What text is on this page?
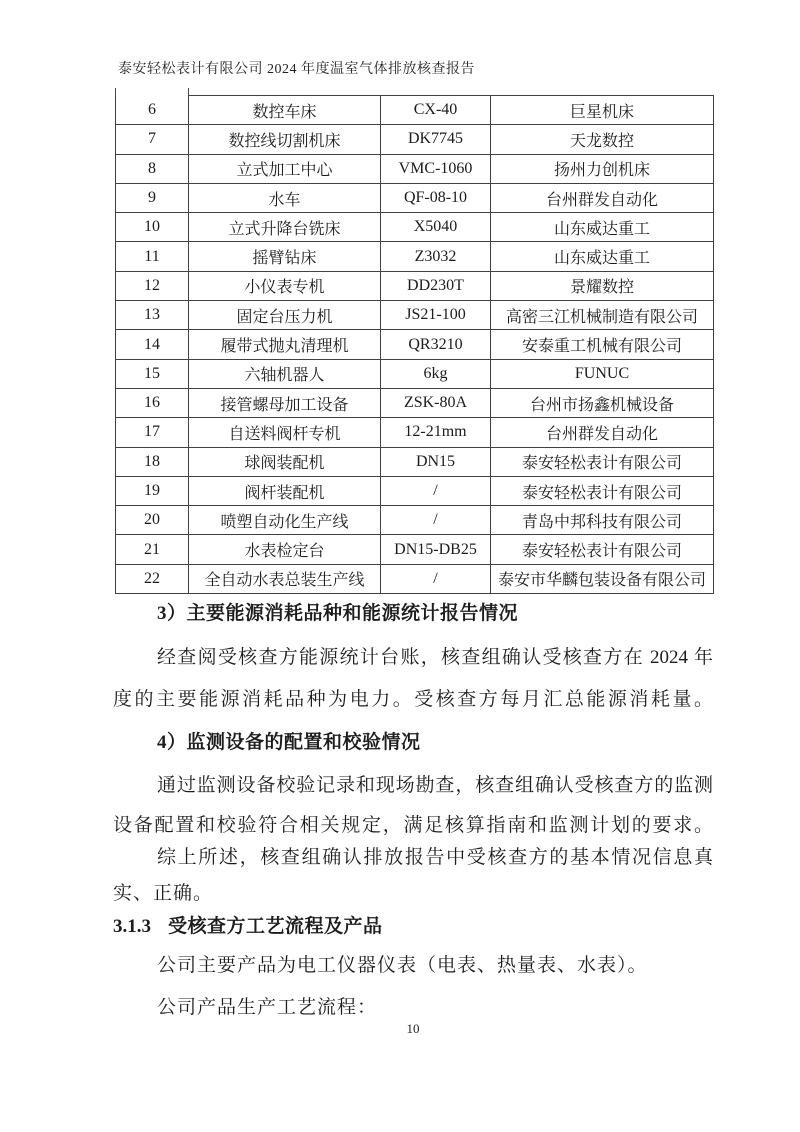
泰安轻松表计有限公司 2024 年度温室气体排放核查报告
6	数控车床	CX-40	巨星机床
7	数控线切割机床	DK7745	天龙数控
8	立式加工中心	VMC-1060	扬州力创机床
9	水车	QF-08-10	台州群发自动化
10	立式升降台铣床	X5040	山东威达重工
11	摇臂钻床	Z3032	山东威达重工
12	小仪表专机	DD230T	景耀数控
13	固定台压力机	JS21-100	高密三江机械制造有限公司
14	履带式抛丸清理机	QR3210	安泰重工机械有限公司
15	六轴机器人	6kg	FUNUC
16	接管螺母加工设备	ZSK-80A	台州市扬鑫机械设备
17	自送料阀杆专机	12-21mm	台州群发自动化
18	球阀装配机	DN15	泰安轻松表计有限公司
19	阀杆装配机	/	泰安轻松表计有限公司
20	喷塑自动化生产线	/	青岛中邦科技有限公司
21	水表检定台	DN15-DB25	泰安轻松表计有限公司
22	全自动水表总装生产线	/	泰安市华麟包装设备有限公司
3）主要能源消耗品种和能源统计报告情况
经查阅受核查方能源统计台账，核查组确认受核查方在 2024 年
度的主要能源消耗品种为电力。受核查方每月汇总能源消耗量。
4）监测设备的配置和校验情况
通过监测设备校验记录和现场勘查，核查组确认受核查方的监测
设备配置和校验符合相关规定，满足核算指南和监测计划的要求。
综上所述，核查组确认排放报告中受核查方的基本情况信息真
实、正确。
3.1.3 受核查方工艺流程及产品
公司主要产品为电工仪器仪表（电表、热量表、水表）。
公司产品生产工艺流程：
10
